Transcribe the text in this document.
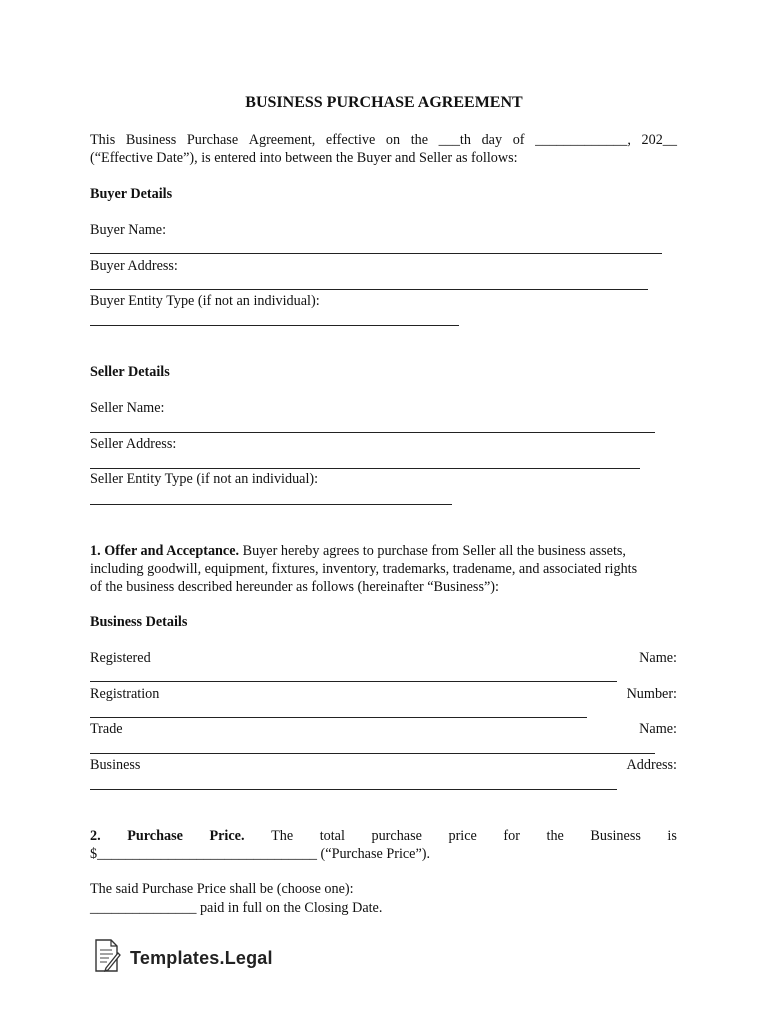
BUSINESS PURCHASE AGREEMENT
This Business Purchase Agreement, effective on the ___th day of _____________, 202__
(“Effective Date”), is entered into between the Buyer and Seller as follows:
Buyer Details
Buyer Name:
Buyer Address:
Buyer Entity Type (if not an individual):
Seller Details
Seller Name:
Seller Address:
Seller Entity Type (if not an individual):
1. Offer and Acceptance. Buyer hereby agrees to purchase from Seller all the business assets,
including goodwill, equipment, fixtures, inventory, trademarks, tradename, and associated rights
of the business described hereunder as follows (hereinafter “Business”):
Business Details
Registered	Name:
Registration	Number:
Trade	Name:
Business	Address:
2. Purchase Price. The total purchase price for the Business is
$_______________________________ (“Purchase Price”).
The said Purchase Price shall be (choose one):
_______________ paid in full on the Closing Date.
Templates.Legal
